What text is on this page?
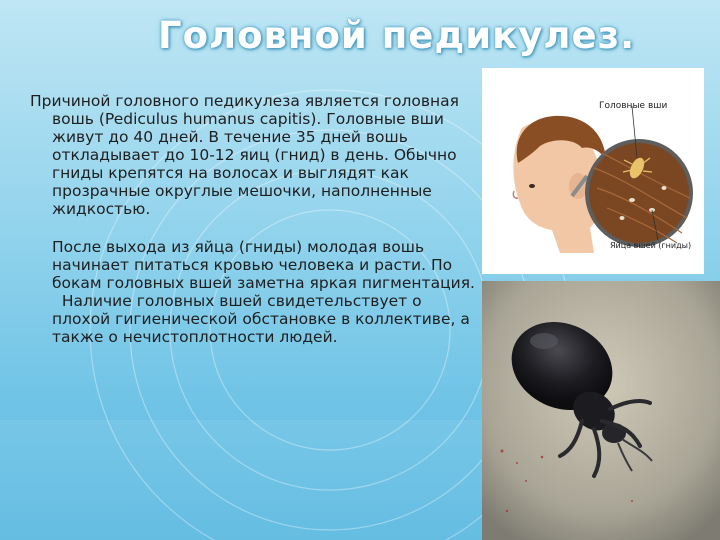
Головной педикулез.

Причиной головного педикулеза является головная вошь (Pediculus humanus capitis). Головные вши живут до 40 дней. В течение 35 дней вошь откладывает до 10-12 яиц (гнид) в день. Обычно гниды крепятся на волосах и выглядят как прозрачные округлые мешочки, наполненные жидкостью.

После выхода из яйца (гниды) молодая вошь начинает питаться кровью человека и расти. По бокам головных вшей заметна яркая пигментация.
Наличие головных вшей свидетельствует о плохой гигиенической обстановке в коллективе, а также о нечистоплотности людей.

Головные вши
Яйца вшей (гниды)
